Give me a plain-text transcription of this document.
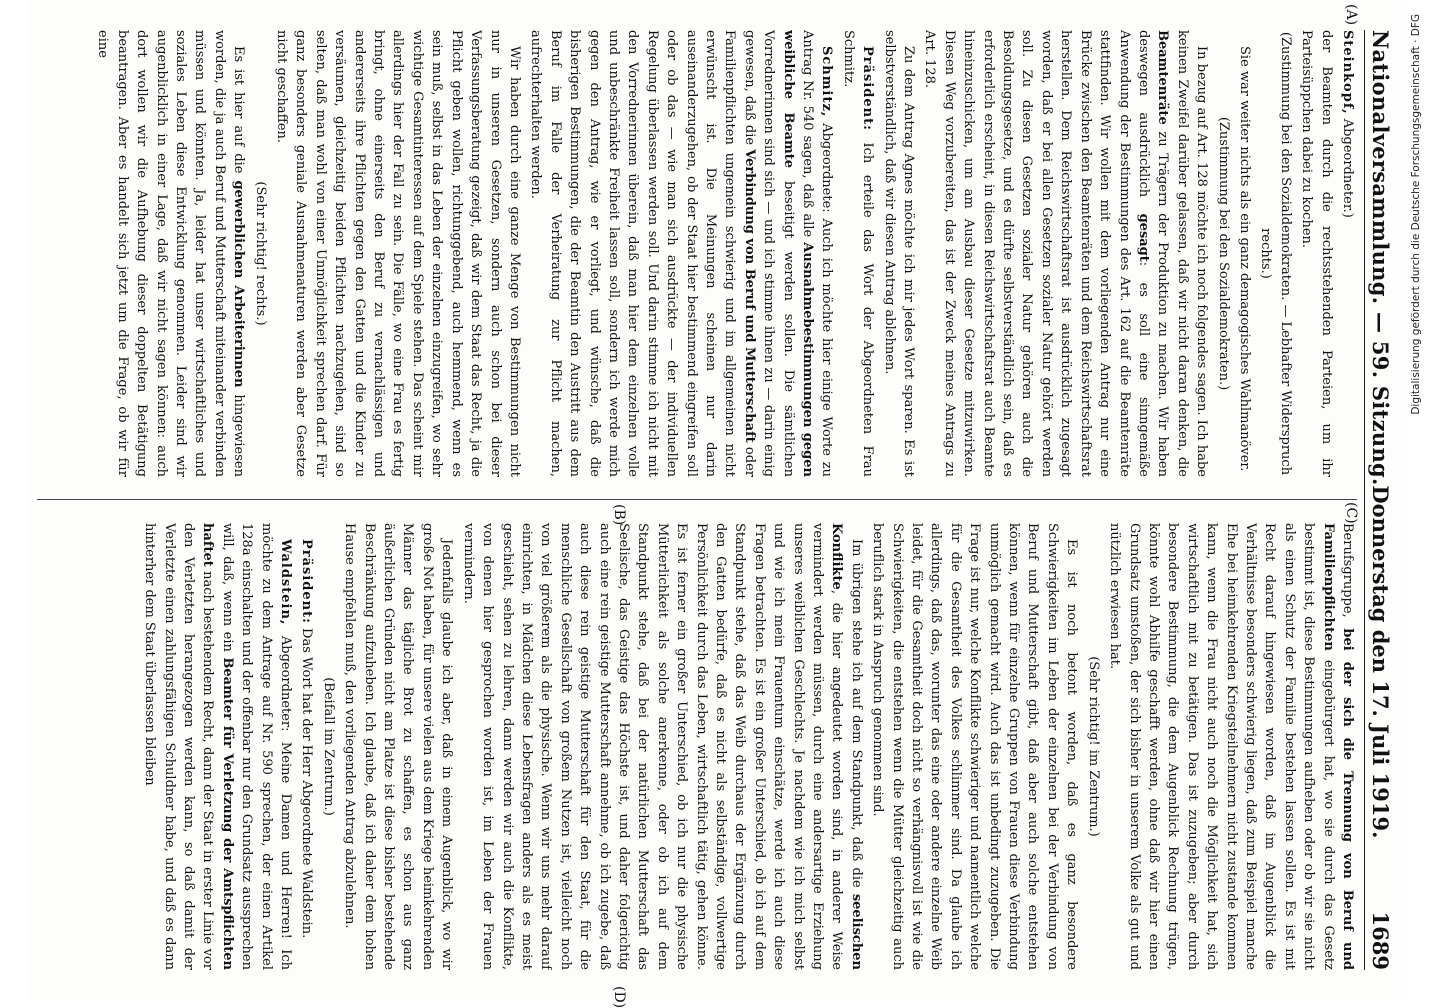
Nationalversammlung. — 59. Sitzung.
Donnerstag den 17. Juli 1919.          1689
(A)
(B)	(C)
(D)

Steinkopf, Abgeordneter.)

der Beamten durch die rechtsstehenden Parteien, um ihr Parteisüppchen dabei zu kochen.

(Zustimmung bei den Sozialdemokraten. — Lebhafter Widerspruch rechts.)

Sie war weiter nichts als ein ganz demagogisches Wahlmanöver.

(Zustimmung bei den Sozialdemokraten.)

In bezug auf Art. 128 möchte ich noch folgendes sagen. Ich habe keinen Zweifel darüber gelassen, daß wir nicht daran denken, die Beamtenräte zu Trägern der Produktion zu machen. Wir haben deswegen ausdrücklich gesagt: es soll eine sinngemäße Anwendung der Bestimmungen des Art. 162 auf die Beamtenräte stattfinden. Wir wollen mit dem vorliegenden Antrag nur eine Brücke zwischen den Beamtenräten und dem Reichswirtschaftsrat herstellen. Dem Reichswirtschaftsrat ist ausdrücklich zugesagt worden, daß er bei allen Gesetzen sozialer Natur gehört werden soll. Zu diesen Gesetzen sozialer Natur gehören auch die Besoldungsgesetze, und es dürfte selbstverständlich sein, daß es erforderlich erscheint, in diesen Reichswirtschaftsrat auch Beamte hineinzuschicken, um am Ausbau dieser Gesetze mitzuwirken. Diesen Weg vorzubereiten, das ist der Zweck meines Antrags zu Art. 128.

Zu dem Antrag Agnes möchte ich mir jedes Wort sparen. Es ist selbstverständlich, daß wir diesen Antrag ablehnen.

Präsident: Ich erteile das Wort der Abgeordneten Frau Schmitz.

Schmitz, Abgeordnete: Auch ich möchte hier einige Worte zu Antrag Nr. 540 sagen, daß alle Ausnahmebestimmungen gegen weibliche Beamte beseitigt werden sollen. Die sämtlichen Vorrednerinnen sind sich — und ich stimme ihnen zu — darin einig gewesen, daß die Verbindung von Beruf und Mutterschaft oder Familienpflichten ungemein schwierig und im allgemeinen nicht erwünscht ist. Die Meinungen scheinen nur darin auseinanderzugehen, ob der Staat hier bestimmend eingreifen soll oder ob das — wie man sich ausdrückte — der individuellen Regelung überlassen werden soll. Und darin stimme ich nicht mit den Vorrednerinnen überein, daß man hier dem einzelnen volle und unbeschränkte Freiheit lassen soll, sondern ich werde mich gegen den Antrag, wie er vorliegt, und wünsche, daß die bisherigen Bestimmungen, die der Beamtin den Austritt aus dem Beruf im Falle der Verheiratung zur Pflicht machen, aufrechterhalten werden.

Wir haben durch eine ganze Menge von Bestimmungen nicht nur in unseren Gesetzen, sondern auch schon bei dieser Verfassungsberatung gezeigt, daß wir dem Staat das Recht, ja die Pflicht geben wollen, richtunggebend, auch hemmend, wenn es sein muß, selbst in das Leben der einzelnen einzugreifen, wo sehr wichtige Gesamtinteressen auf dem Spiele stehen. Das scheint mir allerdings hier der Fall zu sein. Die Fälle, wo eine Frau es fertig bringt, ohne einerseits den Beruf zu vernachlässigen und andererseits ihre Pflichten gegen den Gatten und die Kinder zu versäumen, gleichzeitig beiden Pflichten nachzugehen, sind so selten, daß man wohl von einer Unmöglichkeit sprechen darf. Für ganz besonders geniale Ausnahmenaturen werden aber Gesetze nicht geschaffen.

(Sehr richtig! rechts.)

Es ist hier auf die gewerblichen Arbeiterinnen hingewiesen worden, die ja auch Beruf und Mutterschaft miteinander verbinden müssen und könnten. Ja, leider hat unser wirtschaftliches und soziales Leben diese Entwicklung genommen. Leider sind wir augenblicklich in einer Lage, daß wir nicht sagen können: auch dort wollen wir die Aufhebung dieser doppelten Betätigung beantragen. Aber es handelt sich jetzt um die Frage, ob wir für eine

Berufsgruppe, bei der sich die Trennung von Beruf und Familienpflichten eingebürgert hat, wo sie durch das Gesetz bestimmt ist, diese Bestimmungen aufheben oder ob wir sie nicht als einen Schutz der Familie bestehen lassen sollen. Es ist mit Recht darauf hingewiesen worden, daß im Augenblick die Verhältnisse besonders schwierig liegen, daß zum Beispiel manche Ehe bei heimkehrenden Kriegsteilnehmern nicht zustande kommen kann, wenn die Frau nicht auch noch die Möglichkeit hat, sich wirtschaftlich mit zu betätigen. Das ist zuzugeben; aber durch besondere Bestimmung, die dem Augenblick Rechnung trügen, könnte wohl Abhilfe geschafft werden, ohne daß wir hier einen Grundsatz umstoßen, der sich bisher in unserem Volke als gut und nützlich erwiesen hat.

(Sehr richtig! im Zentrum.)

Es ist noch betont worden, daß es ganz besondere Schwierigkeiten im Leben der einzelnen bei der Verbindung von Beruf und Mutterschaft gibt, daß aber auch solche entstehen können, wenn für einzelne Gruppen von Frauen diese Verbindung unmöglich gemacht wird. Auch das ist unbedingt zuzugeben. Die Frage ist nur, welche Konflikte schwieriger und namentlich welche für die Gesamtheit des Volkes schlimmer sind. Da glaube ich allerdings, daß das, worunter das eine oder andere einzelne Weib leidet, für die Gesamtheit doch nicht so verhängnisvoll ist wie die Schwierigkeiten, die entstehen wenn die Mütter gleichzeitig auch beruflich stark in Anspruch genommen sind.

Im übrigen stehe ich auf dem Standpunkt, daß die seelischen Konflikte, die hier angedeutet worden sind, in anderer Weise vermindert werden müssen, durch eine andersartige Erziehung unseres weiblichen Geschlechts. Je nachdem wie ich mich selbst und wie ich mein Frauentum einschätze, werde ich auch diese Fragen betrachten. Es ist ein großer Unterschied, ob ich auf dem Standpunkt stehe, daß das Weib durchaus der Ergänzung durch den Gatten bedürfe, daß es nicht als selbständige, vollwertige Persönlichkeit durch das Leben, wirtschaftlich tätig, gehen könne. Es ist ferner ein großer Unterschied, ob ich nur die physische Mütterlichkeit als solche anerkenne, oder ob ich auf dem Standpunkt stehe, daß bei der natürlichen Mutterschaft das Seelische, das Geistige das Höchste ist, und daher folgerichtig auch eine rein geistige Mutterschaft annehme, ob ich zugebe, daß auch diese rein geistige Mutterschaft für den Staat, für die menschliche Gesellschaft von großem Nutzen ist, vielleicht noch von viel größerem als die physische. Wenn wir uns mehr darauf einrichten, in Mädchen diese Lebensfragen anders als es meist geschieht, sehen zu lehren, dann werden wir auch die Konflikte, von denen hier gesprochen worden ist, im Leben der Frauen vermindern.

Jedenfalls glaube ich aber, daß in einem Augenblick, wo wir große Not haben, für unsere vielen aus dem Kriege heimkehrenden Männer das tägliche Brot zu schaffen, es schon aus ganz äußerlichen Gründen nicht am Platze ist diese bisher bestehende Beschränkung aufzuheben. Ich glaube, daß ich daher dem hohen Hause empfehlen muß, den vorliegenden Antrag abzulehnen.

(Beifall im Zentrum.)

Präsident: Das Wort hat der Herr Abgeordnete Waldstein.

Waldstein, Abgeordneter: Meine Damen und Herren! Ich möchte zu dem Antrage auf Nr. 590 sprechen, der einen Artikel 128a einschalten und der offenbar nur den Grundsatz aussprechen will, daß, wenn ein Beamter für Verletzung der Amtspflichten haftet nach bestehendem Recht, dann der Staat in erster Linie vor den Verletzten herangezogen werden kann, so daß damit der Verletzte einen zahlungsfähigen Schuldner habe, und daß es dann hinterher dem Staat überlassen bleiben

Digitalisierung gefördert durch die Deutsche Forschungsgemeinschaft · DFG
